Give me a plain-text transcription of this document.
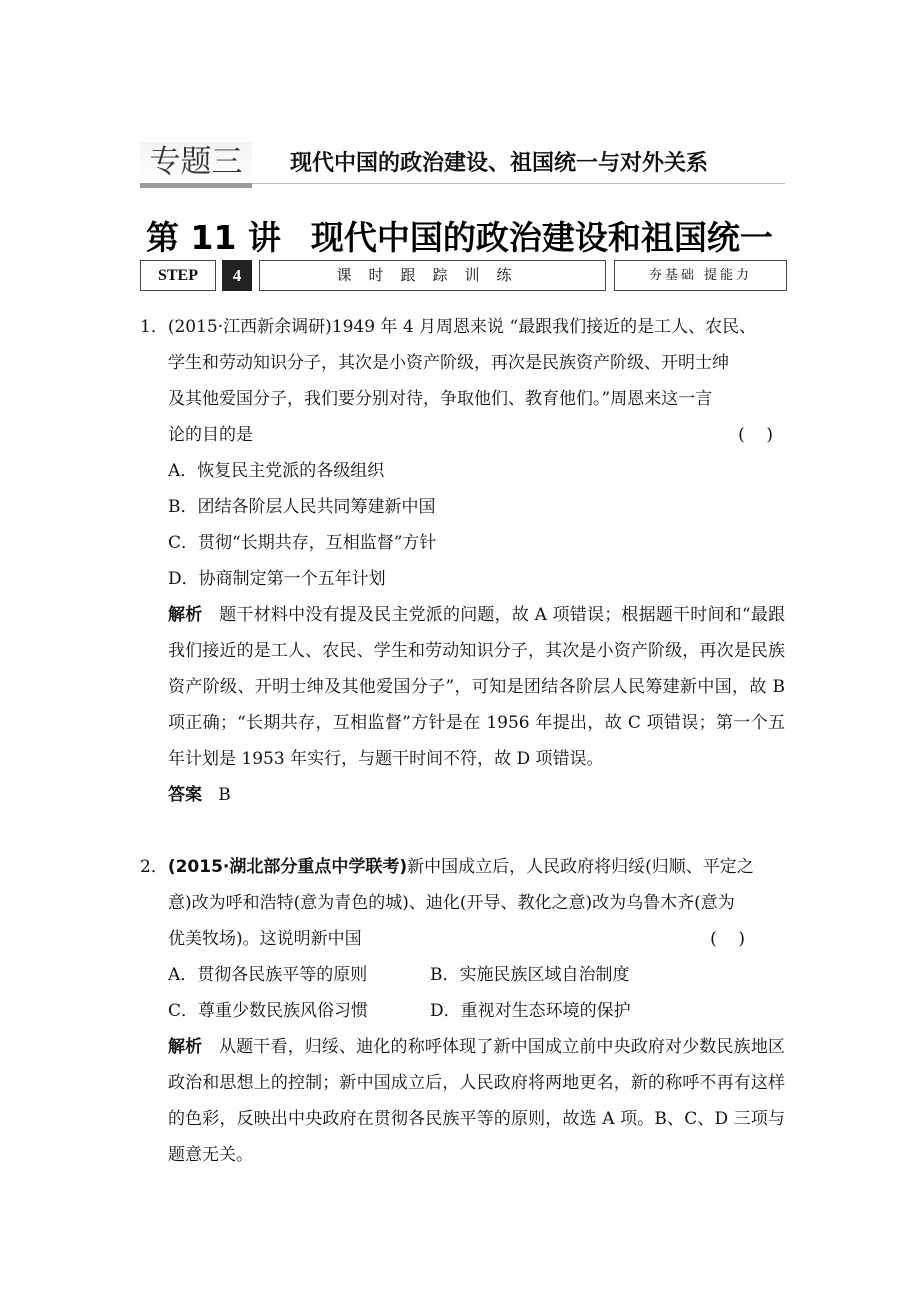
专题三	现代中国的政治建设、祖国统一与对外关系
第 11 讲 现代中国的政治建设和祖国统一
STEP	4	课时跟踪训练	夯基础 提能力

1．(2015·江西新余调研)1949 年 4 月周恩来说 “最跟我们接近的是工人、农民、

学生和劳动知识分子，其次是小资产阶级，再次是民族资产阶级、开明士绅

及其他爱国分子，我们要分别对待，争取他们、教育他们。”周恩来这一言

论的目的是	(    )

A．恢复民主党派的各级组织

B．团结各阶层人民共同筹建新中国

C．贯彻“长期共存，互相监督”方针

D．协商制定第一个五年计划

解析 题干材料中没有提及民主党派的问题，故 A 项错误；根据题干时间和“最跟我们接近的是工人、农民、学生和劳动知识分子，其次是小资产阶级，再次是民族资产阶级、开明士绅及其他爱国分子”，可知是团结各阶层人民筹建新中国，故 B 项正确；“长期共存，互相监督”方针是在 1956 年提出，故 C 项错误；第一个五年计划是 1953 年实行，与题干时间不符，故 D 项错误。

答案 B

2．(2015·湖北部分重点中学联考)新中国成立后，人民政府将归绥(归顺、平定之

意)改为呼和浩特(意为青色的城)、迪化(开导、教化之意)改为乌鲁木齐(意为

优美牧场)。这说明新中国	(    )
A．贯彻各民族平等的原则	B．实施民族区域自治制度
C．尊重少数民族风俗习惯	D．重视对生态环境的保护

解析 从题干看，归绥、迪化的称呼体现了新中国成立前中央政府对少数民族地区政治和思想上的控制；新中国成立后，人民政府将两地更名，新的称呼不再有这样的色彩，反映出中央政府在贯彻各民族平等的原则，故选 A 项。B、C、D 三项与题意无关。
